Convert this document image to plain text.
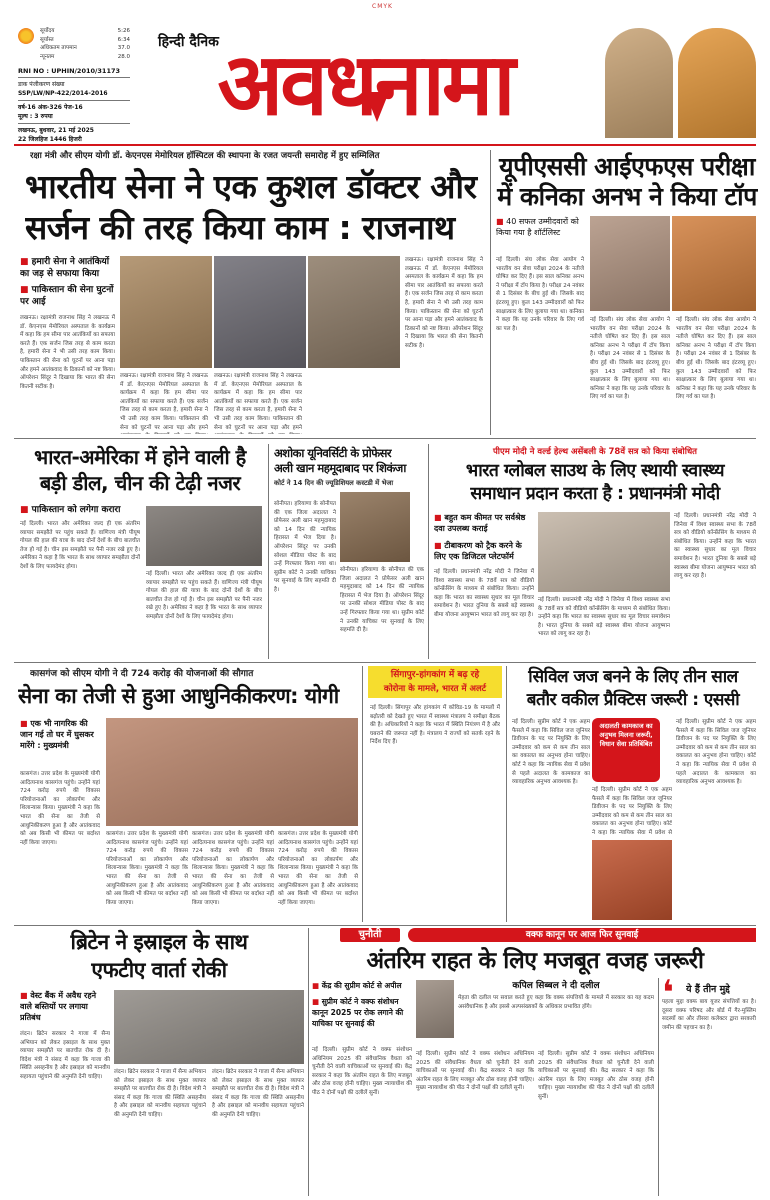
CMYK
सूर्योदय	5:26
सूर्यास्त	6:34
अधिकतम तापमान	37.0
न्यूनतम	28.0
RNI NO : UPHIN/2010/31173
डाक पंजीकरण संख्या
SSP/LW/NP-422/2014-2016
वर्ष-16 अंक-326 पेज-16
मूल्य : 3 रुपया
लखनऊ, बुधवार, 21 मई 2025
22 जिलहिज 1446 हिजरी
हिन्दी दैनिक
अवधनामा
रक्षा मंत्री और सीएम योगी डॉ. केएनएस मेमोरियल हॉस्पिटल की स्थापना के रजत जयन्ती समारोह में हुए सम्मिलित
भारतीय सेना ने एक कुशल डॉक्टर और
सर्जन की तरह किया काम : राजनाथ
■ हमारी सेना ने आतंकियों का जड़ से सफाया किया
■ पाकिस्तान की सेना घुटनों पर आई
लखनऊ। रक्षामंत्री राजनाथ सिंह ने लखनऊ में डॉ. केएनएस मेमोरियल अस्पताल के कार्यक्रम में कहा कि हम सीमा पार आतंकियों का सफाया करते हैं। एक सर्जन जिस तरह से काम करता है, हमारी सेना ने भी उसी तरह काम किया। पाकिस्तान की सेना को घुटनों पर आना पड़ा और हमने आतंकवाद के ठिकानों को नष्ट किया। ऑपरेशन सिंदूर ने दिखाया कि भारत की सेना कितनी सटीक है।
लखनऊ। रक्षामंत्री राजनाथ सिंह ने लखनऊ में डॉ. केएनएस मेमोरियल अस्पताल के कार्यक्रम में कहा कि हम सीमा पार आतंकियों का सफाया करते हैं। एक सर्जन जिस तरह से काम करता है, हमारी सेना ने भी उसी तरह काम किया। पाकिस्तान की सेना को घुटनों पर आना पड़ा और हमने
लखनऊ। रक्षामंत्री राजनाथ सिंह ने लखनऊ में डॉ. केएनएस मेमोरियल अस्पताल के कार्यक्रम में कहा कि हम सीमा पार आतंकियों का सफाया करते हैं। एक सर्जन जिस तरह से काम करता है, हमारी सेना ने भी उसी तरह काम किया। पाकिस्तान की सेना को घुटनों पर आना पड़ा और हमने
लखनऊ। रक्षामंत्री राजनाथ सिंह ने लखनऊ में डॉ. केएनएस मेमोरियल अस्पताल के कार्यक्रम में कहा कि हम सीमा पार आतंकियों का सफाया करते हैं। एक सर्जन जिस तरह से काम करता है, हमारी सेना ने भी उसी तरह काम किया। पाकिस्तान की सेना को घुटनों पर आना पड़ा और हमने आतंकवाद के ठिकानों को नष्ट किया। ऑपरेशन सिंदूर ने दिखाया कि भारत की सेना कितनी सटीक है।
यूपीएससी आईएफएस परीक्षा
में कनिका अनभ ने किया टॉप
■ 40 सफल उम्मीदवारों को किया गया है शॉर्टलिस्ट
नई दिल्ली। संघ लोक सेवा आयोग ने भारतीय वन सेवा परीक्षा 2024 के नतीजे घोषित कर दिए हैं। इस साल कनिका अनभ ने परीक्षा में टॉप किया है। परीक्षा 24 नवंबर से 1 दिसंबर के बीच हुई थी। जिसके बाद इंटरव्यू हुए। कुल 143 उम्मीदवारों को फिर साक्षात्कार के लिए बुलाया गया था। कनिका ने कहा कि यह उनके परिवार के लिए गर्व का पल है।
नई दिल्ली। संघ लोक सेवा आयोग ने भारतीय वन सेवा परीक्षा 2024 के नतीजे घोषित कर दिए हैं। इस साल कनिका अनभ ने परीक्षा में टॉप किया है। परीक्षा 24 नवंबर से 1 दिसंबर के बीच हुई थी। जिसके बाद इंटरव्यू हुए। कुल 143 उम्मीदवारों को फिर साक्षात्कार के लिए बुलाया गया था। कनिका ने कहा कि यह उनके परिवार के लिए गर्व का पल है।
नई दिल्ली। संघ लोक सेवा आयोग ने भारतीय वन सेवा परीक्षा 2024 के नतीजे घोषित कर दिए हैं। इस साल कनिका अनभ ने परीक्षा में टॉप किया है। परीक्षा 24 नवंबर से 1 दिसंबर के बीच हुई थी। जिसके बाद इंटरव्यू हुए। कुल 143 उम्मीदवारों को फिर साक्षात्कार के लिए बुलाया गया था। कनिका ने कहा कि यह उनके परिवार के लिए गर्व का पल है।
भारत-अमेरिका में होने वाली है
बड़ी डील, चीन की टेढ़ी नजर
■ पाकिस्तान को लगेगा करारा
नई दिल्ली। भारत और अमेरिका जल्द ही एक अंतरिम व्यापार समझौते पर पहुंच सकते हैं। वाणिज्य मंत्री पीयूष गोयल की हाल की यात्रा के बाद दोनों देशों के बीच बातचीत तेज हो गई है। चीन इस समझौते पर पैनी नजर रखे हुए है। अमेरिका ने कहा है कि भारत के साथ व्यापार समझौता दोनों देशों के लिए फायदेमंद होगा।
नई दिल्ली। भारत और अमेरिका जल्द ही एक अंतरिम व्यापार समझौते पर पहुंच सकते हैं। वाणिज्य मंत्री पीयूष गोयल की हाल की यात्रा के बाद दोनों देशों के बीच बातचीत तेज हो गई है। चीन इस समझौते पर पैनी नजर रखे हुए है। अमेरिका ने कहा है कि भारत के साथ व्यापार समझौता दोनों देशों के लिए फायदेमंद होगा।
अशोका यूनिवर्सिटी के प्रोफेसर
अली खान महमूदाबाद पर शिकंजा
कोर्ट ने 14 दिन की ज्यूडिशियल कस्टडी में भेजा
सोनीपत। हरियाणा के सोनीपत की एक जिला अदालत ने प्रोफेसर अली खान महमूदाबाद को 14 दिन की न्यायिक हिरासत में भेज दिया है। ऑपरेशन सिंदूर पर उनकी सोशल मीडिया पोस्ट के बाद उन्हें गिरफ्तार किया गया था। सुप्रीम कोर्ट ने उनकी याचिका पर सुनवाई के लिए सहमति दी है।
सोनीपत। हरियाणा के सोनीपत की एक जिला अदालत ने प्रोफेसर अली खान महमूदाबाद को 14 दिन की न्यायिक हिरासत में भेज दिया है। ऑपरेशन सिंदूर पर उनकी सोशल मीडिया पोस्ट के बाद उन्हें गिरफ्तार किया गया था। सुप्रीम कोर्ट ने उनकी याचिका पर सुनवाई के लिए सहमति दी है।
पीएम मोदी ने वर्ल्ड हेल्थ असेंबली के 78वें सत्र को किया संबोधित
भारत ग्लोबल साउथ के लिए स्थायी स्वास्थ्य
समाधान प्रदान करता है : प्रधानमंत्री मोदी
■ बहुत कम कीमत पर सर्वश्रेष्ठ दवा उपलब्ध कराई
■ टीबाकरण को ट्रैक करने के लिए एक डिजिटल प्लेटफॉर्म
नई दिल्ली। प्रधानमंत्री नरेंद्र मोदी ने जिनेवा में विश्व स्वास्थ्य सभा के 78वें सत्र को वीडियो कॉन्फ्रेंसिंग के माध्यम से संबोधित किया। उन्होंने कहा कि भारत का स्वास्थ्य सुधार का मूल विचार समावेशन है। भारत दुनिया के सबसे बड़े स्वास्थ्य बीमा योजना आयुष्मान भारत को लागू कर रहा है।
नई दिल्ली। प्रधानमंत्री नरेंद्र मोदी ने जिनेवा में विश्व स्वास्थ्य सभा के 78वें सत्र को वीडियो कॉन्फ्रेंसिंग के माध्यम से संबोधित किया। उन्होंने कहा कि भारत का स्वास्थ्य सुधार का मूल विचार समावेशन है। भारत दुनिया के सबसे बड़े स्वास्थ्य बीमा योजना आयुष्मान भारत को लागू कर रहा है।
नई दिल्ली। प्रधानमंत्री नरेंद्र मोदी ने जिनेवा में विश्व स्वास्थ्य सभा के 78वें सत्र को वीडियो कॉन्फ्रेंसिंग के माध्यम से संबोधित किया। उन्होंने कहा कि भारत का स्वास्थ्य सुधार का मूल विचार समावेशन है। भारत दुनिया के सबसे बड़े स्वास्थ्य बीमा योजना आयुष्मान भारत को लागू कर रहा है।
कासगंज को सीएम योगी ने दी 724 करोड़ की योजनाओं की सौगात
सेना का तेजी से हुआ आधुनिकीकरण: योगी
■ एक भी नागरिक की जान गई तो घर में घुसकर मारेंगे : मुख्यमंत्री
कासगंज। उत्तर प्रदेश के मुख्यमंत्री योगी आदित्यनाथ कासगंज पहुंचे। उन्होंने यहां 724 करोड़ रुपये की विकास परियोजनाओं का लोकार्पण और शिलान्यास किया। मुख्यमंत्री ने कहा कि भारत की सेना का तेजी से आधुनिकीकरण हुआ है और आतंकवाद को अब किसी भी कीमत पर बर्दाश्त नहीं किया जाएगा।
कासगंज। उत्तर प्रदेश के मुख्यमंत्री योगी आदित्यनाथ कासगंज पहुंचे। उन्होंने यहां 724 करोड़ रुपये की विकास परियोजनाओं का लोकार्पण और शिलान्यास किया। मुख्यमंत्री ने कहा कि भारत की सेना का तेजी से आधुनिकीकरण हुआ है और आतंकवाद को अब किसी भी कीमत पर बर्दाश्त नहीं किया जाएगा।
कासगंज। उत्तर प्रदेश के मुख्यमंत्री योगी आदित्यनाथ कासगंज पहुंचे। उन्होंने यहां 724 करोड़ रुपये की विकास परियोजनाओं का लोकार्पण और शिलान्यास किया। मुख्यमंत्री ने कहा कि भारत की सेना का तेजी से आधुनिकीकरण हुआ है और आतंकवाद को अब किसी भी कीमत पर बर्दाश्त नहीं किया जाएगा।
कासगंज। उत्तर प्रदेश के मुख्यमंत्री योगी आदित्यनाथ कासगंज पहुंचे। उन्होंने यहां 724 करोड़ रुपये की विकास परियोजनाओं का लोकार्पण और शिलान्यास किया। मुख्यमंत्री ने कहा कि भारत की सेना का तेजी से आधुनिकीकरण हुआ है और आतंकवाद को अब किसी भी कीमत पर बर्दाश्त नहीं किया जाएगा।
सिंगापुर-हांगकांग में बढ़ रहे
कोरोना के मामले, भारत में अलर्ट
नई दिल्ली। सिंगापुर और हांगकांग में कोविड-19 के मामलों में बढ़ोतरी को देखते हुए भारत में स्वास्थ्य मंत्रालय ने समीक्षा बैठक की है। अधिकारियों ने कहा कि भारत में स्थिति नियंत्रण में है और घबराने की जरूरत नहीं है। मंत्रालय ने राज्यों को सतर्क रहने के निर्देश दिए हैं।
सिविल जज बनने के लिए तीन साल
बतौर वकील प्रैक्टिस जरूरी : एससी
नई दिल्ली। सुप्रीम कोर्ट ने एक अहम फैसले में कहा कि सिविल जज जूनियर डिवीजन के पद पर नियुक्ति के लिए उम्मीदवार को कम से कम तीन साल का वकालत का अनुभव होना चाहिए। कोर्ट ने कहा कि न्यायिक सेवा में प्रवेश से पहले अदालत के कामकाज का व्यावहारिक अनुभव आवश्यक है।
अदालती कामकाज का अनुभव मिलना जरूरी, विधान सेवा प्रतिबिंबित
नई दिल्ली। सुप्रीम कोर्ट ने एक अहम फैसले में कहा कि सिविल जज जूनियर डिवीजन के पद पर नियुक्ति के लिए उम्मीदवार को कम से कम तीन साल का वकालत का अनुभव होना चाहिए। कोर्ट ने कहा कि न्यायिक सेवा में प्रवेश से
नई दिल्ली। सुप्रीम कोर्ट ने एक अहम फैसले में कहा कि सिविल जज जूनियर डिवीजन के पद पर नियुक्ति के लिए उम्मीदवार को कम से कम तीन साल का वकालत का अनुभव होना चाहिए। कोर्ट ने कहा कि न्यायिक सेवा में प्रवेश से पहले अदालत के कामकाज का व्यावहारिक अनुभव आवश्यक है।
ब्रिटेन ने इस्राइल के साथ
एफटीए वार्ता रोकी
■ वेस्ट बैंक में अवैध रहने वाले बस्तियों पर लगाया प्रतिबंध
लंदन। ब्रिटेन सरकार ने गाजा में सैन्य अभियान को लेकर इस्राइल के साथ मुक्त व्यापार समझौते पर बातचीत रोक दी है। विदेश मंत्री ने संसद में कहा कि गाजा की स्थिति असहनीय है और इस्राइल को मानवीय सहायता पहुंचाने की अनुमति देनी चाहिए।
लंदन। ब्रिटेन सरकार ने गाजा में सैन्य अभियान को लेकर इस्राइल के साथ मुक्त व्यापार समझौते पर बातचीत रोक दी है। विदेश मंत्री ने संसद में कहा कि गाजा की स्थिति असहनीय है और इस्राइल को मानवीय सहायता पहुंचाने की अनुमति देनी चाहिए।
लंदन। ब्रिटेन सरकार ने गाजा में सैन्य अभियान को लेकर इस्राइल के साथ मुक्त व्यापार समझौते पर बातचीत रोक दी है। विदेश मंत्री ने संसद में कहा कि गाजा की स्थिति असहनीय है और इस्राइल को मानवीय सहायता पहुंचाने की अनुमति देनी चाहिए।
चुनौती	वक्फ कानून पर आज फिर सुनवाई
अंतरिम राहत के लिए मजबूत वजह जरूरी
■ केंद्र की सुप्रीम कोर्ट से अपील
■ सुप्रीम कोर्ट ने वक्फ संशोधन कानून 2025 पर रोक लगाने की याचिका पर सुनवाई की
नई दिल्ली। सुप्रीम कोर्ट ने वक्फ संशोधन अधिनियम 2025 की संवैधानिक वैधता को चुनौती देने वाली याचिकाओं पर सुनवाई की। केंद्र सरकार ने कहा कि अंतरिम राहत के लिए मजबूत और ठोस वजह होनी चाहिए। मुख्य न्यायाधीश की पीठ ने दोनों पक्षों की दलीलें सुनीं।
कपिल सिब्बल ने दी दलील
मेहता की दलील पर सवाल करते हुए कहा कि वक्फ संपत्तियों के मामले में सरकार का यह कदम असंवैधानिक है और इससे अल्पसंख्यकों के अधिकार प्रभावित होंगे।
नई दिल्ली। सुप्रीम कोर्ट ने वक्फ संशोधन अधिनियम 2025 की संवैधानिक वैधता को चुनौती देने वाली याचिकाओं पर सुनवाई की। केंद्र सरकार ने कहा कि अंतरिम राहत के लिए मजबूत और ठोस वजह होनी चाहिए। मुख्य न्यायाधीश की पीठ ने दोनों पक्षों की दलीलें सुनीं।
नई दिल्ली। सुप्रीम कोर्ट ने वक्फ संशोधन अधिनियम 2025 की संवैधानिक वैधता को चुनौती देने वाली याचिकाओं पर सुनवाई की। केंद्र सरकार ने कहा कि अंतरिम राहत के लिए मजबूत और ठोस वजह होनी चाहिए। मुख्य न्यायाधीश की पीठ ने दोनों पक्षों की दलीलें सुनीं।
❛ ये हैं तीन मुद्दे
पहला मुद्दा वक्फ बाय यूजर संपत्तियों का है। दूसरा वक्फ परिषद और बोर्ड में गैर-मुस्लिम सदस्यों का और तीसरा कलेक्टर द्वारा सरकारी जमीन की पहचान का है।
